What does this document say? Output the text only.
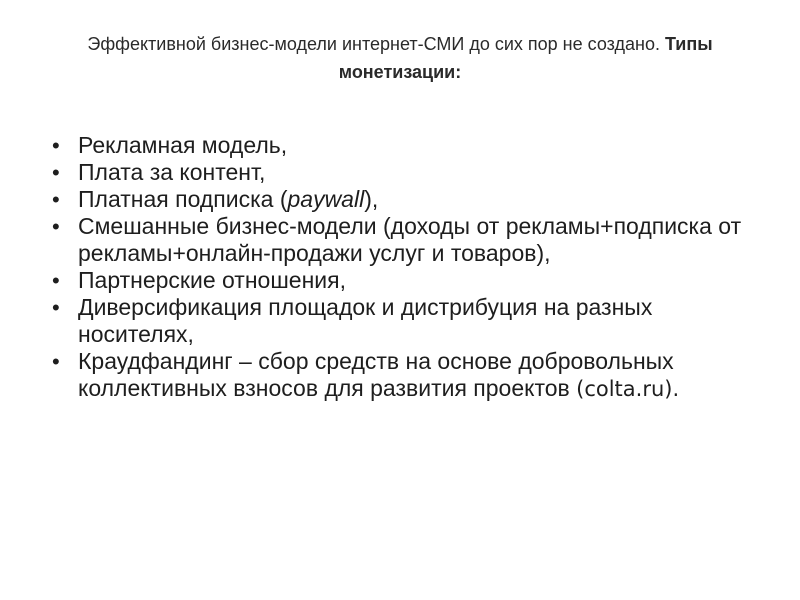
Эффективной бизнес-модели интернет-СМИ до сих пор не создано. Типы монетизации:
• Рекламная модель,
• Плата за контент,
• Платная подписка (paywall),
• Смешанные бизнес-модели (доходы от рекламы+подписка от рекламы+онлайн-продажи услуг и товаров),
• Партнерские отношения,
• Диверсификация площадок и дистрибуция на разных носителях,
• Краудфандинг – сбор средств на основе добровольных коллективных взносов для развития проектов (colta.ru).
